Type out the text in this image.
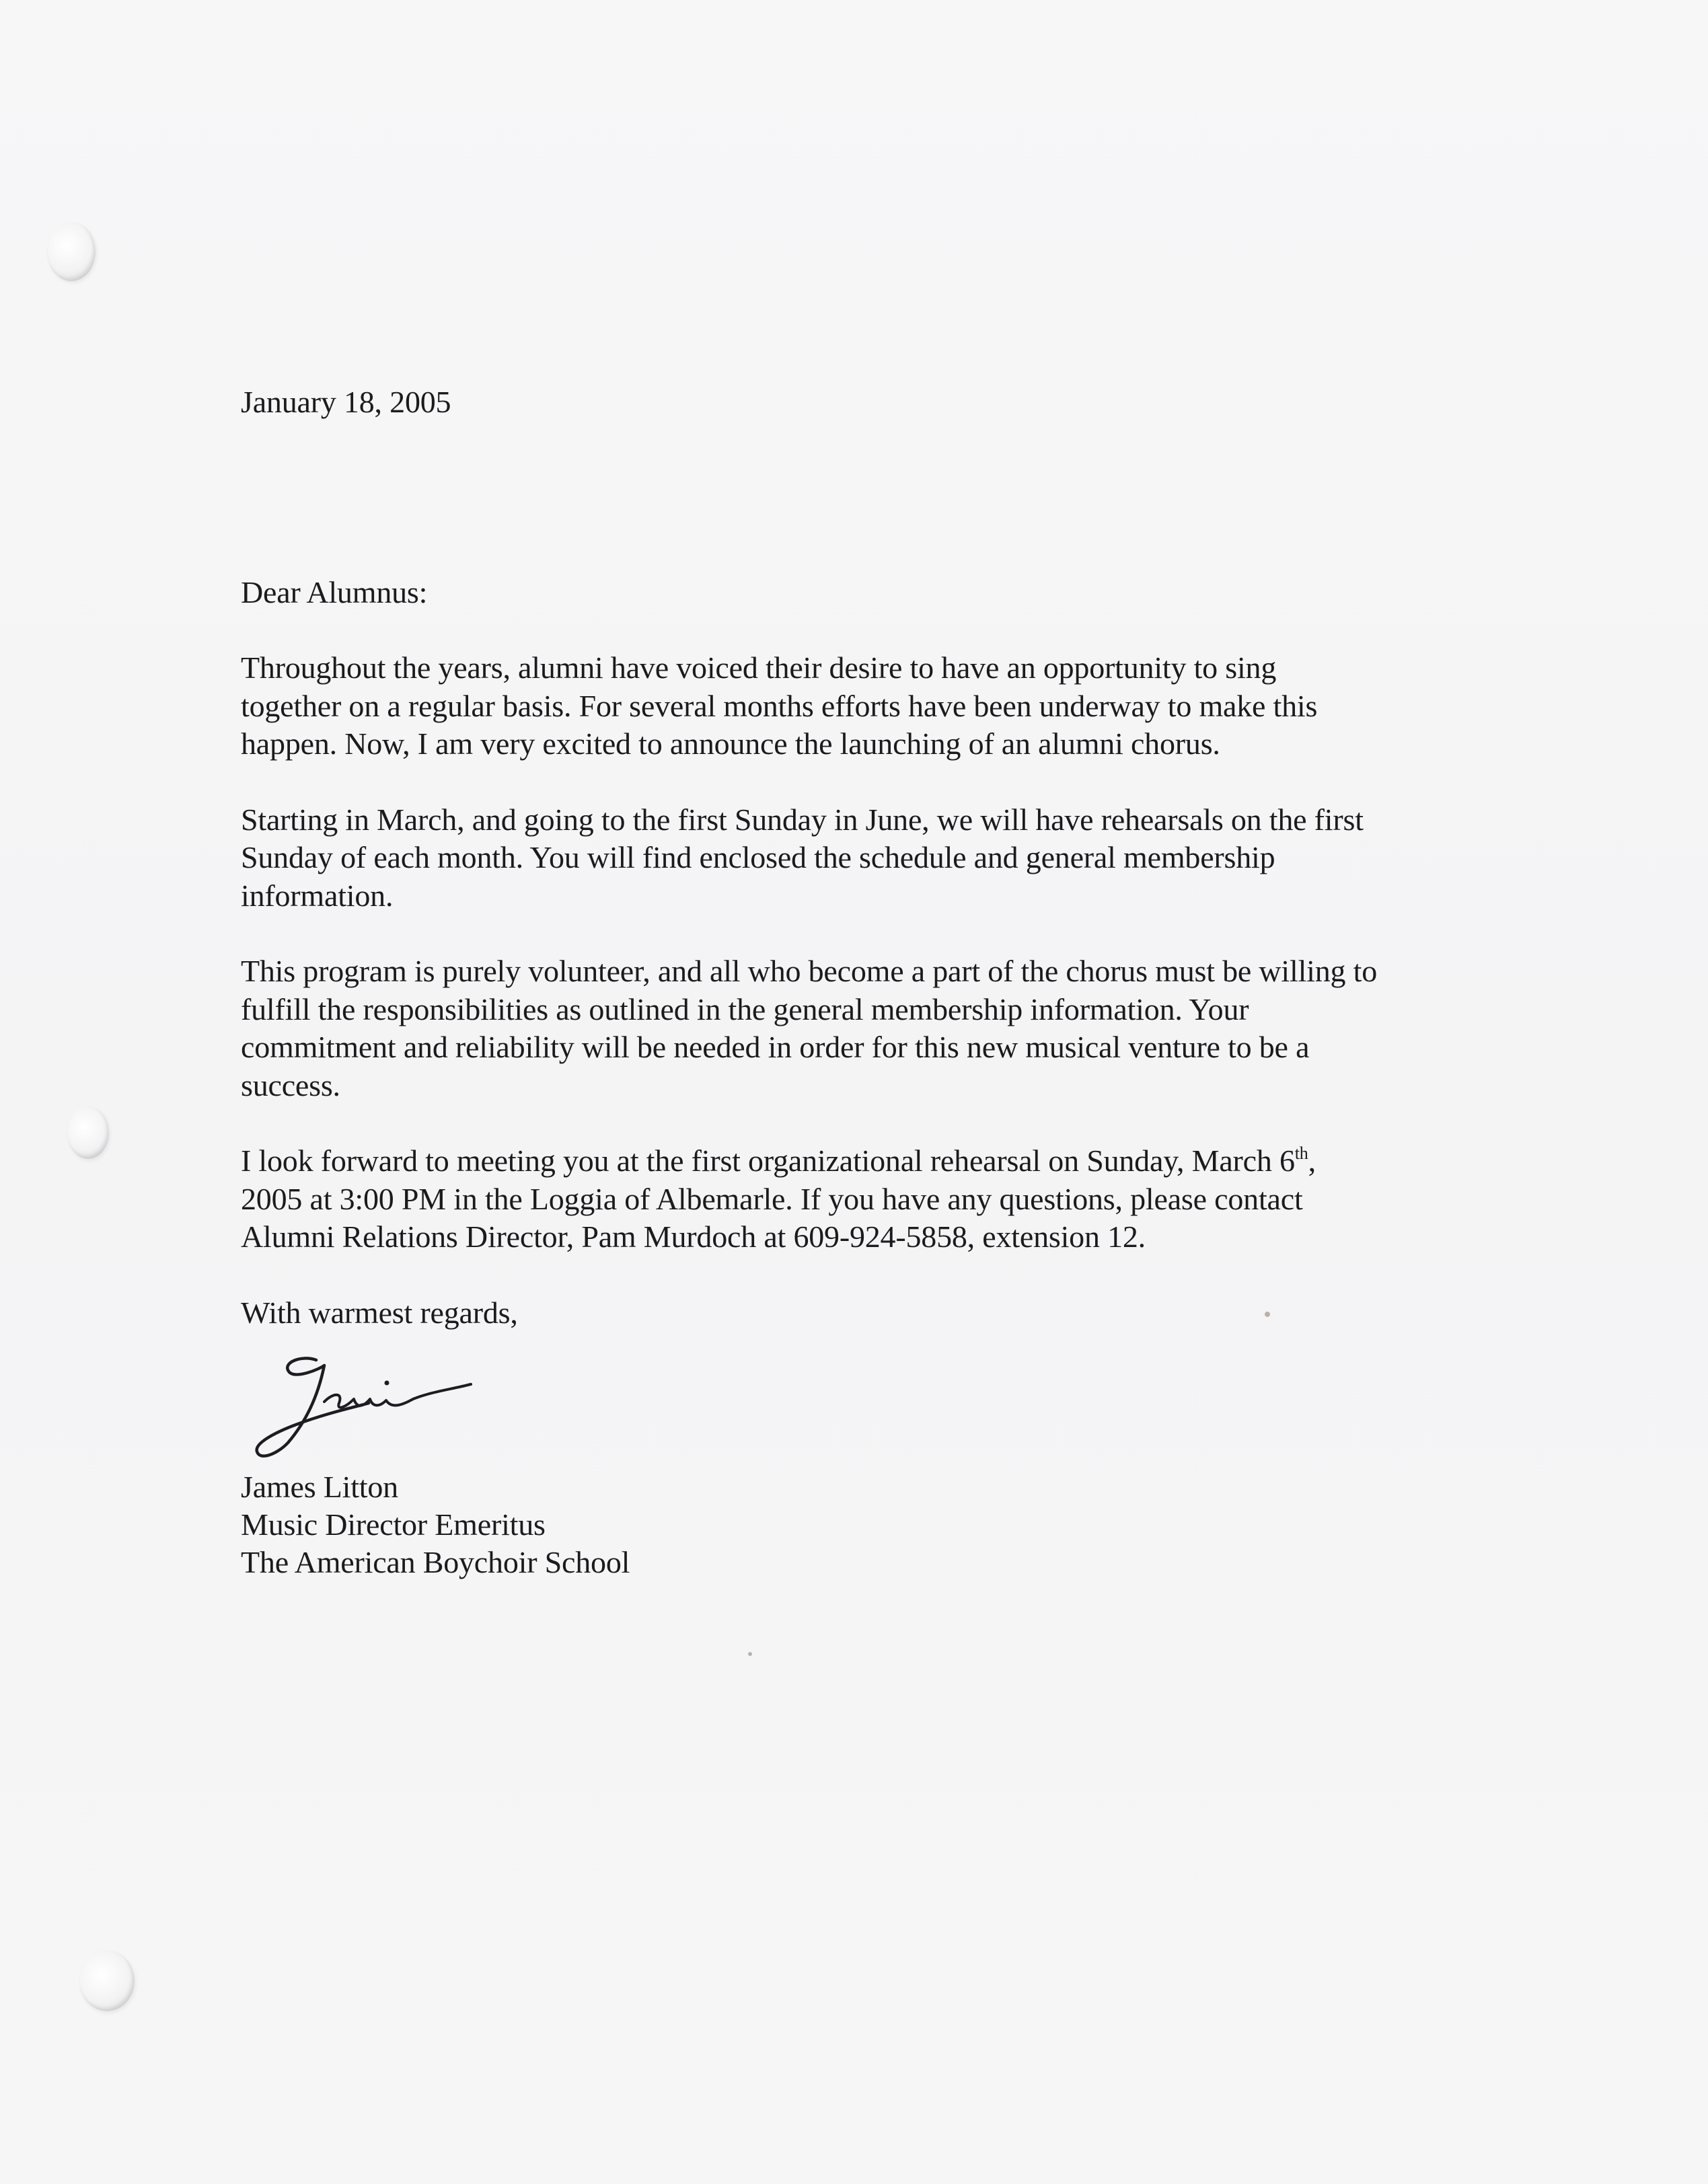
January 18, 2005

Dear Alumnus:

Throughout the years, alumni have voiced their desire to have an opportunity to sing
together on a regular basis. For several months efforts have been underway to make this
happen. Now, I am very excited to announce the launching of an alumni chorus.

Starting in March, and going to the first Sunday in June, we will have rehearsals on the first
Sunday of each month. You will find enclosed the schedule and general membership
information.

This program is purely volunteer, and all who become a part of the chorus must be willing to
fulfill the responsibilities as outlined in the general membership information. Your
commitment and reliability will be needed in order for this new musical venture to be a
success.

I look forward to meeting you at the first organizational rehearsal on Sunday, March 6th,
2005 at 3:00 PM in the Loggia of Albemarle. If you have any questions, please contact
Alumni Relations Director, Pam Murdoch at 609-924-5858, extension 12.

With warmest regards,

James Litton

Music Director Emeritus

The American Boychoir School
